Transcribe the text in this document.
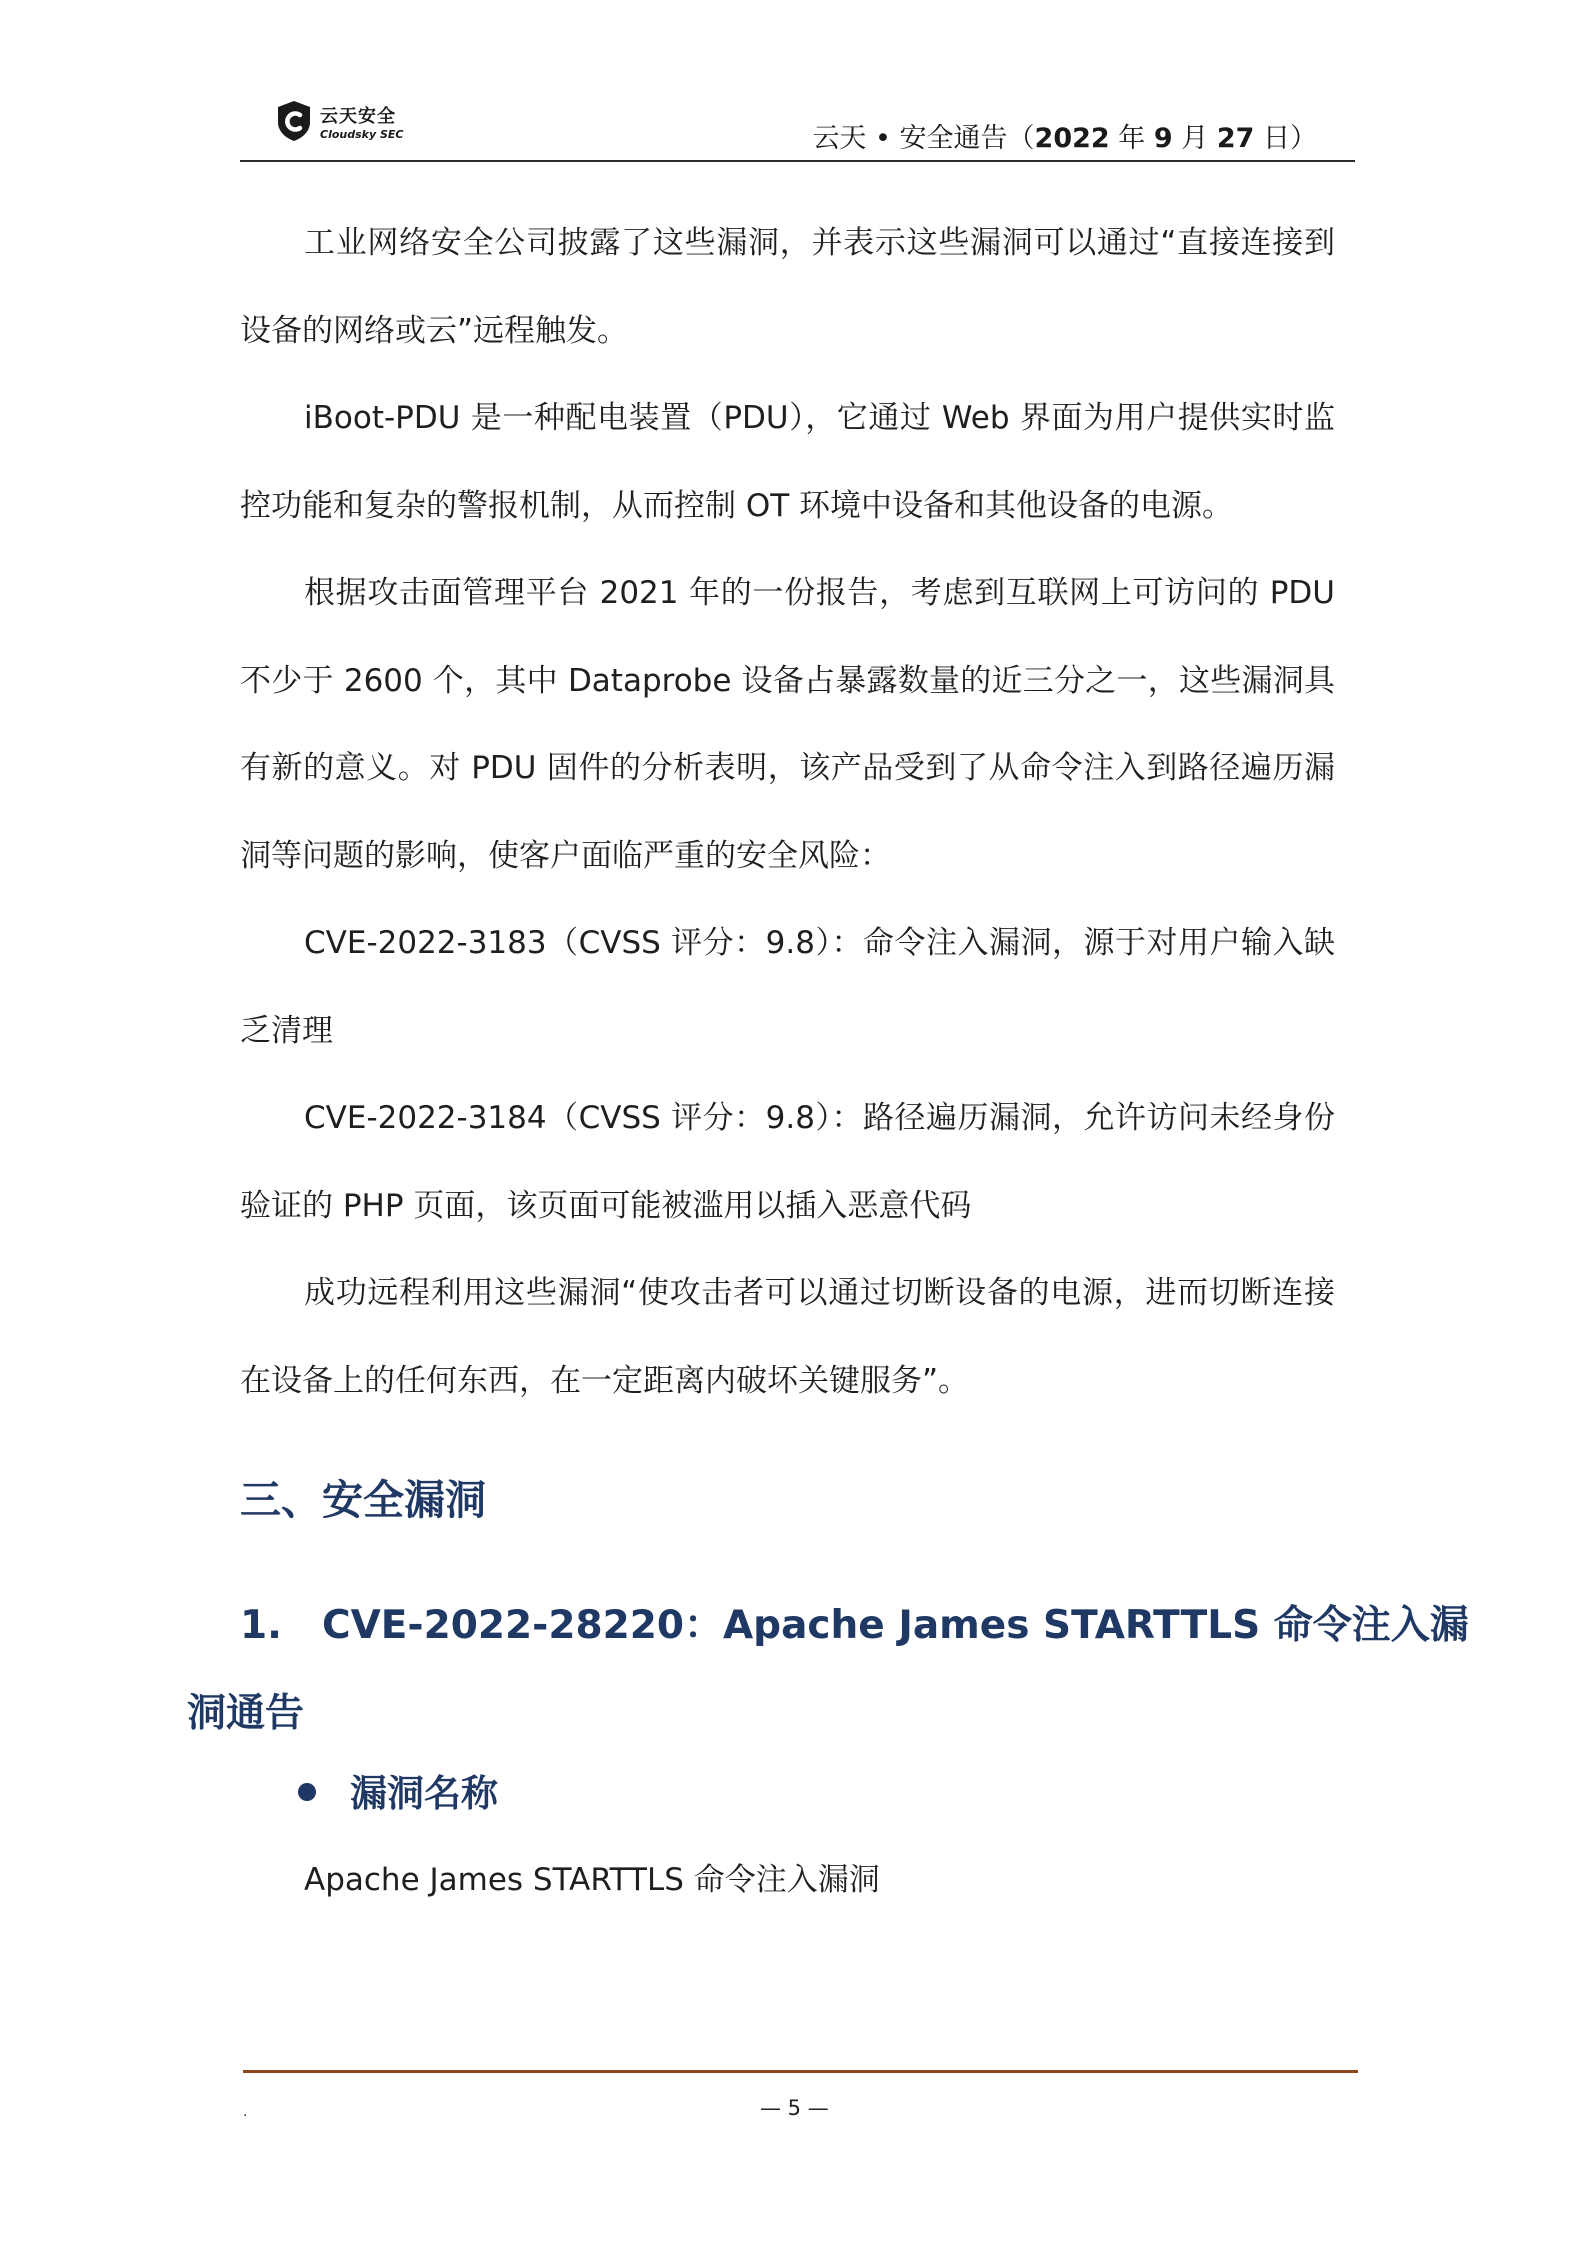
云天安全
Cloudsky SEC	云天 • 安全通告（2022 年 9 月 27 日）

工业网络安全公司披露了这些漏洞，并表示这些漏洞可以通过“直接连接到设备的网络或云”远程触发。

iBoot-PDU 是一种配电装置（PDU），它通过 Web 界面为用户提供实时监控功能和复杂的警报机制，从而控制 OT 环境中设备和其他设备的电源。

根据攻击面管理平台 2021 年的一份报告，考虑到互联网上可访问的 PDU 不少于 2600 个，其中 Dataprobe 设备占暴露数量的近三分之一，这些漏洞具有新的意义。对 PDU 固件的分析表明，该产品受到了从命令注入到路径遍历漏洞等问题的影响，使客户面临严重的安全风险：

CVE-2022-3183（CVSS 评分：9.8）：命令注入漏洞，源于对用户输入缺乏清理

CVE-2022-3184（CVSS 评分：9.8）：路径遍历漏洞，允许访问未经身份验证的 PHP 页面，该页面可能被滥用以插入恶意代码

成功远程利用这些漏洞“使攻击者可以通过切断设备的电源，进而切断连接在设备上的任何东西，在一定距离内破坏关键服务”。

三、安全漏洞
1. CVE-2022-28220：Apache James STARTTLS 命令注入漏
洞通告
漏洞名称
Apache James STARTTLS 命令注入漏洞
.	— 5 —
